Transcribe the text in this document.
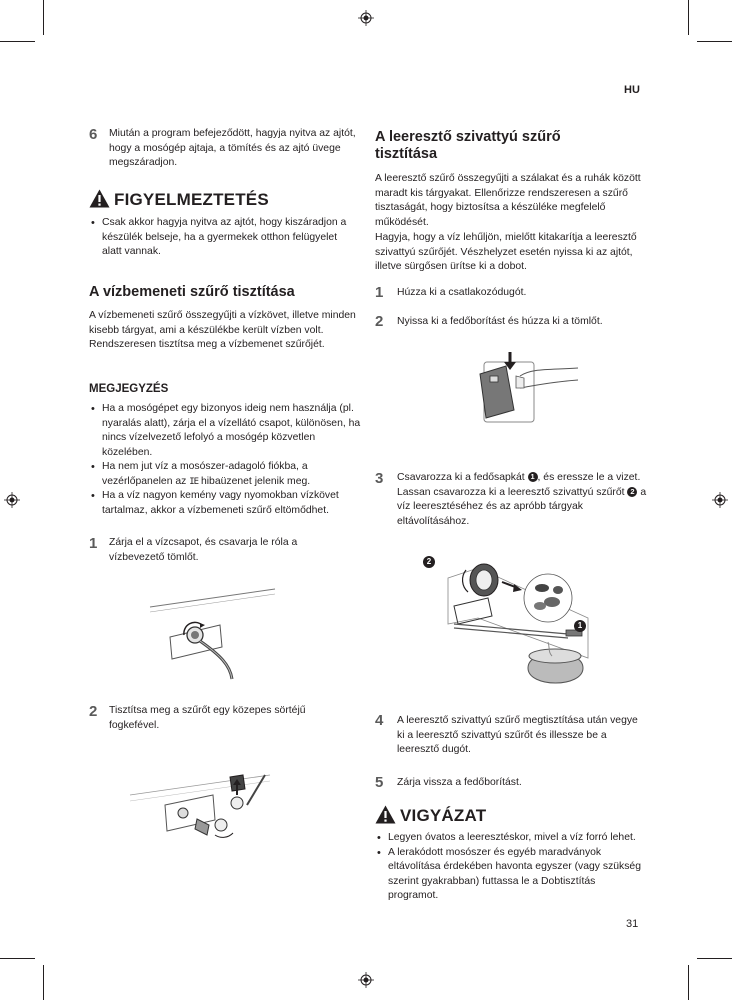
HU
6 Miután a program befejeződött, hagyja nyitva az ajtót, hogy a mosógép ajtaja, a tömítés és az ajtó üvege megszáradjon.
FIGYELMEZTETÉS
• Csak akkor hagyja nyitva az ajtót, hogy kiszáradjon a készülék belseje, ha a gyermekek otthon felügyelet alatt vannak.
A vízbemeneti szűrő tisztítása
A vízbemeneti szűrő összegyűjti a vízkövet, illetve minden kisebb tárgyat, ami a készülékbe került vízben volt. Rendszeresen tisztítsa meg a vízbemenet szűrőjét.
MEGJEGYZÉS
• Ha a mosógépet egy bizonyos ideig nem használja (pl. nyaralás alatt), zárja el a vízellátó csapot, különösen, ha nincs vízelvezető lefolyó a mosógép közvetlen közelében.
• Ha nem jut víz a mosószer-adagoló fiókba, a vezérlőpanelen az IE hibaüzenet jelenik meg.
• Ha a víz nagyon kemény vagy nyomokban vízkövet tartalmaz, akkor a vízbemeneti szűrő eltömődhet.
1 Zárja el a vízcsapot, és csavarja le róla a vízbevezető tömlőt.
2 Tisztítsa meg a szűrőt egy közepes sörtéjű fogkefével.
A leeresztő szivattyú szűrő tisztítása
A leeresztő szűrő összegyűjti a szálakat és a ruhák között maradt kis tárgyakat. Ellenőrizze rendszeresen a szűrő tisztaságát, hogy biztosítsa a készüléke megfelelő működését.
Hagyja, hogy a víz lehűljön, mielőtt kitakarítja a leeresztő szivattyú szűrőjét. Vészhelyzet esetén nyissa ki az ajtót, illetve sürgősen ürítse ki a dobot.
1 Húzza ki a csatlakozódugót.
2 Nyissa ki a fedőborítást és húzza ki a tömlőt.
3 Csavarozza ki a fedősapkát 1 , és eressze le a vizet. Lassan csavarozza ki a leeresztő szivattyú szűrőt 2 a víz leeresztéséhez és az apróbb tárgyak eltávolításához.
2
1
4 A leeresztő szivattyú szűrő megtisztítása után vegye ki a leeresztő szivattyú szűrőt és illessze be a leeresztő dugót.
5 Zárja vissza a fedőborítást.
VIGYÁZAT
• Legyen óvatos a leeresztéskor, mivel a víz forró lehet.
• A lerakódott mosószer és egyéb maradványok eltávolítása érdekében havonta egyszer (vagy szükség szerint gyakrabban) futtassa le a Dobtisztítás programot.
31
